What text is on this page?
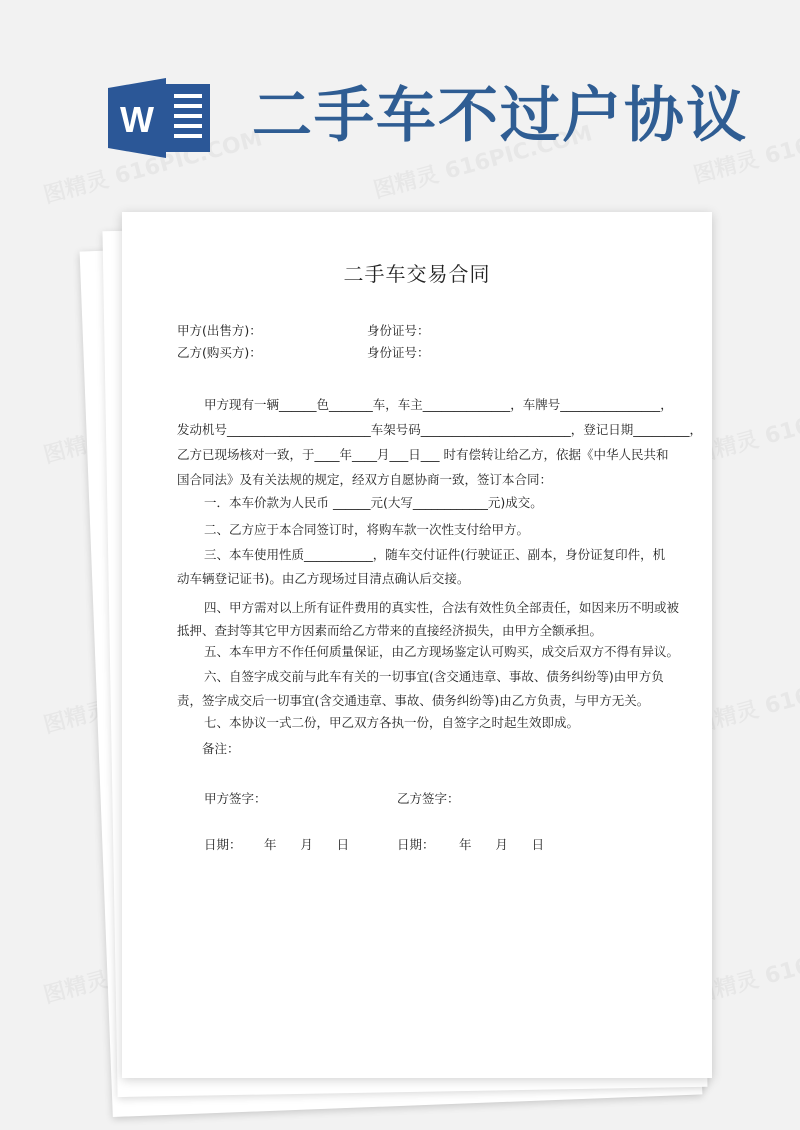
W 二手车不过户协议
二手车交易合同
甲方(出售方)：	身份证号：
乙方(购买方)：	身份证号：
甲方现有一辆______色_______车，车主______________，车牌号________________，
发动机号_______________________车架号码________________________，登记日期_________，
乙方已现场核对一致，于____年____月___日___ 时有偿转让给乙方，依据《中华人民共和
国合同法》及有关法规的规定，经双方自愿协商一致，签订本合同：
一．本车价款为人民币 ______元(大写____________元)成交。
二、乙方应于本合同签订时，将购车款一次性支付给甲方。
三、本车使用性质___________，随车交付证件(行驶证正、副本，身份证复印件，机
动车辆登记证书)。由乙方现场过目清点确认后交接。
四、甲方需对以上所有证件费用的真实性，合法有效性负全部责任，如因来历不明或被
抵押、查封等其它甲方因素而给乙方带来的直接经济损失，由甲方全额承担。
五、本车甲方不作任何质量保证，由乙方现场鉴定认可购买，成交后双方不得有异议。
六、自签字成交前与此车有关的一切事宜(含交通违章、事故、债务纠纷等)由甲方负
责，签字成交后一切事宜(含交通违章、事故、债务纠纷等)由乙方负责，与甲方无关。
七、本协议一式二份，甲乙双方各执一份，自签字之时起生效即成。
备注：
甲方签字：	乙方签字：
日期： 年      月      日	日期： 年      月      日
